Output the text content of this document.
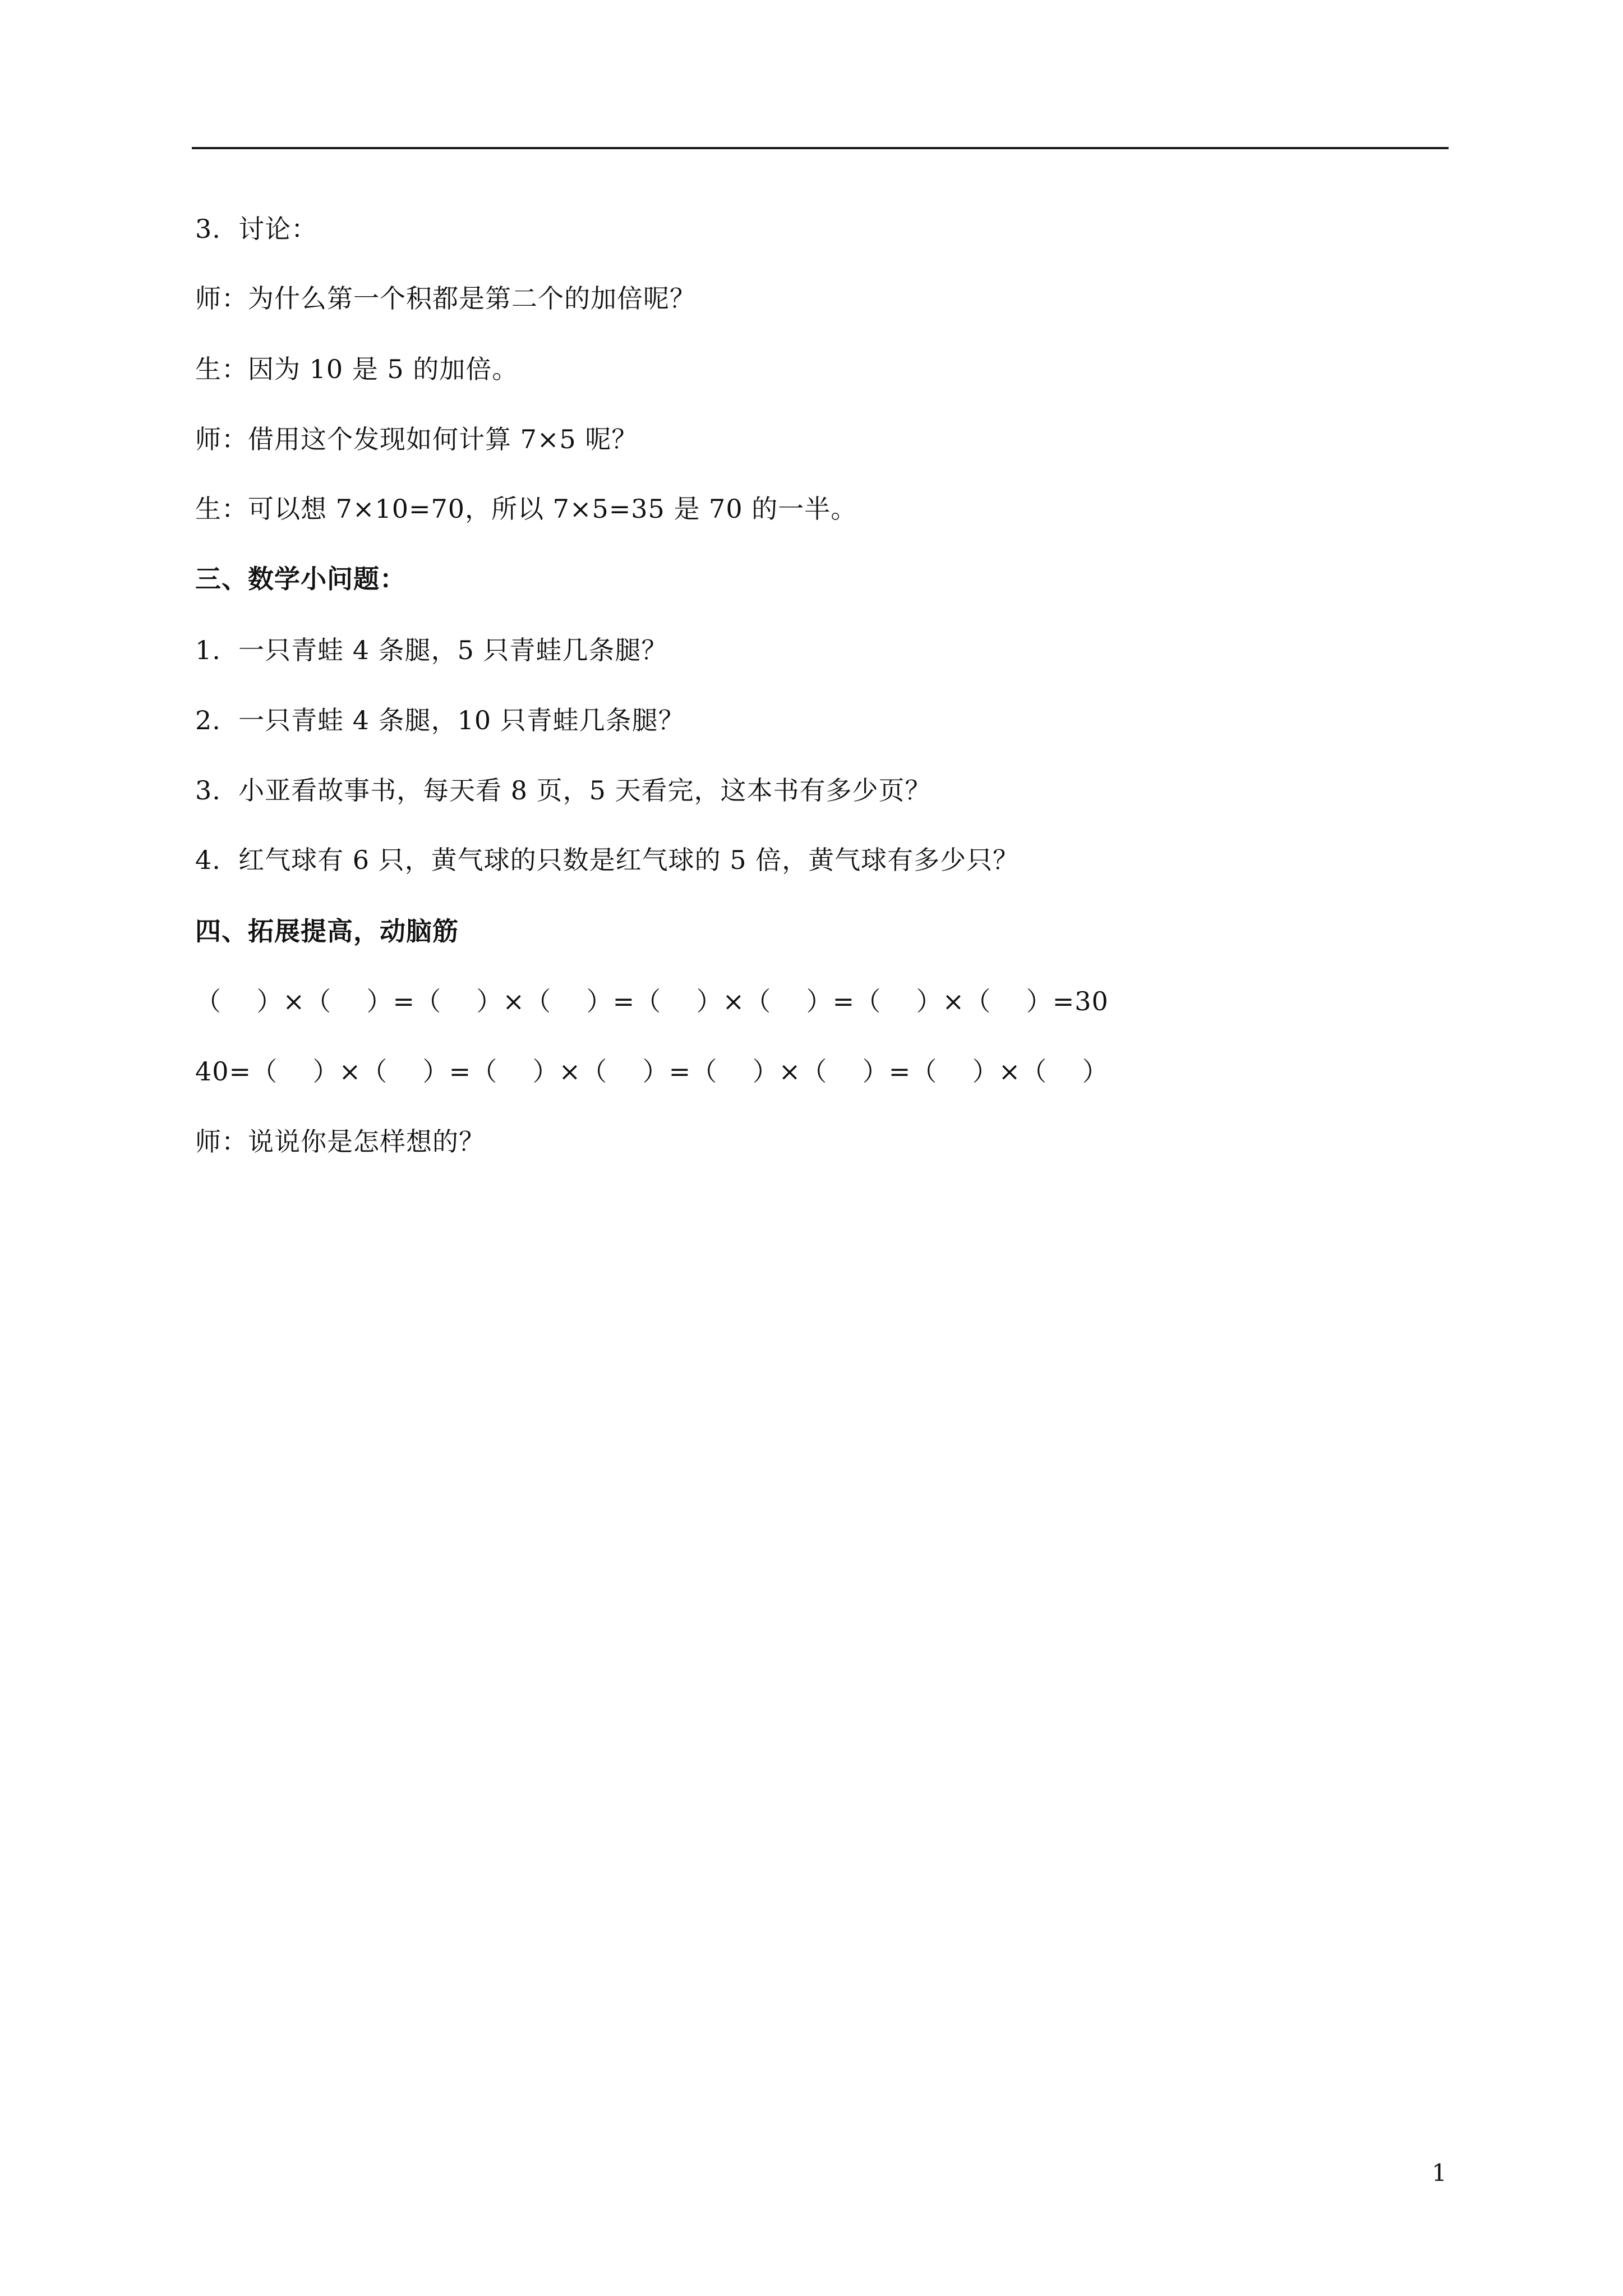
3.  讨论：
师：为什么第一个积都是第二个的加倍呢？
生：因为 10 是 5 的加倍。
师：借用这个发现如何计算 7×5 呢？
生：可以想 7×10=70，所以 7×5=35 是 70 的一半。
三、数学小问题：
1.  一只青蛙 4 条腿，5 只青蛙几条腿？
2.  一只青蛙 4 条腿，10 只青蛙几条腿？
3.  小亚看故事书，每天看 8 页，5 天看完，这本书有多少页？
4.  红气球有 6 只，黄气球的只数是红气球的 5 倍，黄气球有多少只？
四、拓展提高，动脑筋
（    ）×（    ）=（    ）×（    ）=（    ）×（    ）=（    ）×（    ）=30
40=（    ）×（    ）=（    ）×（    ）=（    ）×（    ）=（    ）×（    ）
师：说说你是怎样想的？
1
